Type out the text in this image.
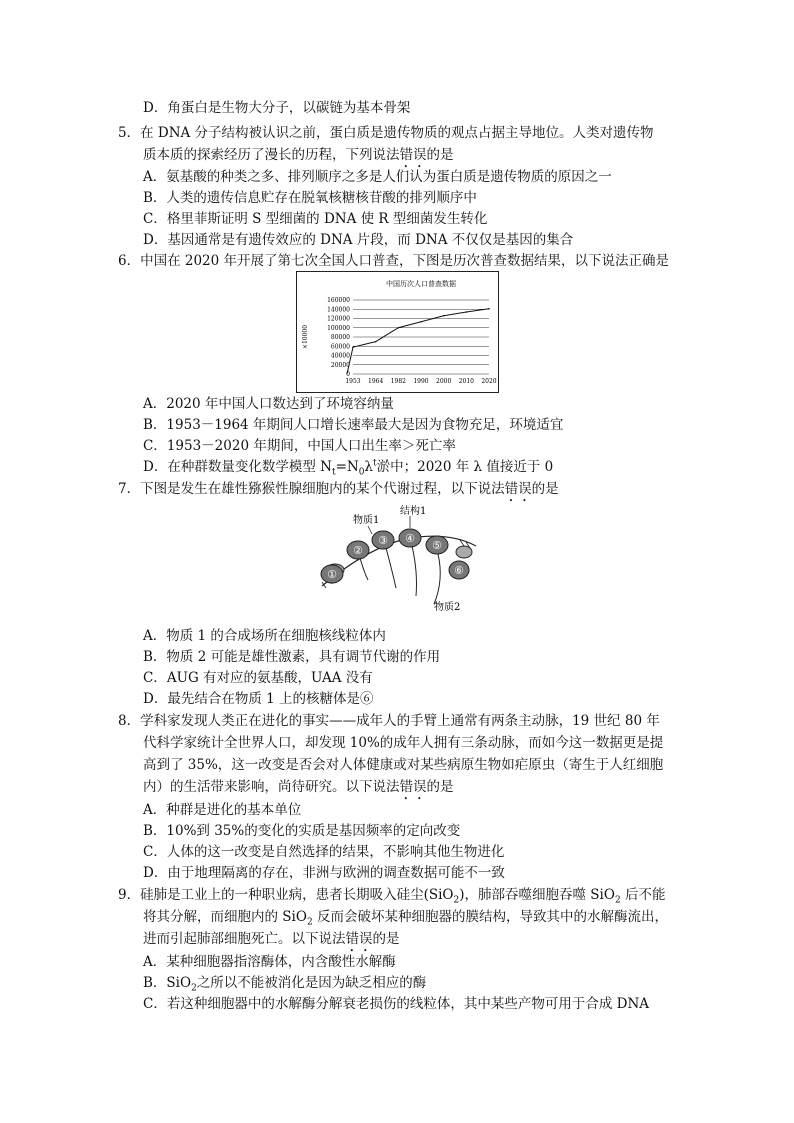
D．角蛋白是生物大分子，以碳链为基本骨架
5．在 DNA 分子结构被认识之前，蛋白质是遗传物质的观点占据主导地位。人类对遗传物
质本质的探索经历了漫长的历程，下列说法错误的是
A．氨基酸的种类之多、排列顺序之多是人们认为蛋白质是遗传物质的原因之一
B．人类的遗传信息贮存在脱氧核糖核苷酸的排列顺序中
C．格里菲斯证明 S 型细菌的 DNA 使 R 型细菌发生转化
D．基因通常是有遗传效应的 DNA 片段，而 DNA 不仅仅是基因的集合
6．中国在 2020 年开展了第七次全国人口普查，下图是历次普查数据结果，以下说法正确是
中国历次人口普查数据
×10000
160000
140000
120000
100000
80000
60000
40000
20000
0
1953 1964 1982 1990 2000 2010 2020
A．2020 年中国人口数达到了环境容纳量
B．1953－1964 年期间人口增长速率最大是因为食物充足，环境适宜
C．1953－2020 年期间，中国人口出生率＞死亡率
D．在种群数量变化数学模型 $N_t=N_0\lambda^t$淤中；2020 年 λ 值接近于 0
7．下图是发生在雄性猕猴性腺细胞内的某个代谢过程，以下说法错误的是
①
②
③ ④
⑤
⑥
物质1
结构1
物质2
A．物质 1 的合成场所在细胞核线粒体内
B．物质 2 可能是雄性激素，具有调节代谢的作用
C．AUG 有对应的氨基酸，UAA 没有
D．最先结合在物质 1 上的核糖体是⑥
8．学科家发现人类正在进化的事实——成年人的手臂上通常有两条主动脉，19 世纪 80 年
代科学家统计全世界人口，却发现 10%的成年人拥有三条动脉，而如今这一数据更是提
高到了 35%，这一改变是否会对人体健康或对某些病原生物如疟原虫（寄生于人红细胞
内）的生活带来影响，尚待研究。以下说法错误的是
A．种群是进化的基本单位
B．10%到 35%的变化的实质是基因频率的定向改变
C．人体的这一改变是自然选择的结果，不影响其他生物进化
D．由于地理隔离的存在，非洲与欧洲的调查数据可能不一致
9．硅肺是工业上的一种职业病，患者长期吸入硅尘(SiO$_2$)，肺部吞噬细胞吞噬 SiO$_2$ 后不能
将其分解，而细胞内的 SiO$_2$ 反而会破坏某种细胞器的膜结构，导致其中的水解酶流出，
进而引起肺部细胞死亡。以下说法错误的是
A．某种细胞器指溶酶体，内含酸性水解酶
B．SiO$_2$之所以不能被消化是因为缺乏相应的酶
C．若这种细胞器中的水解酶分解衰老损伤的线粒体，其中某些产物可用于合成 DNA
